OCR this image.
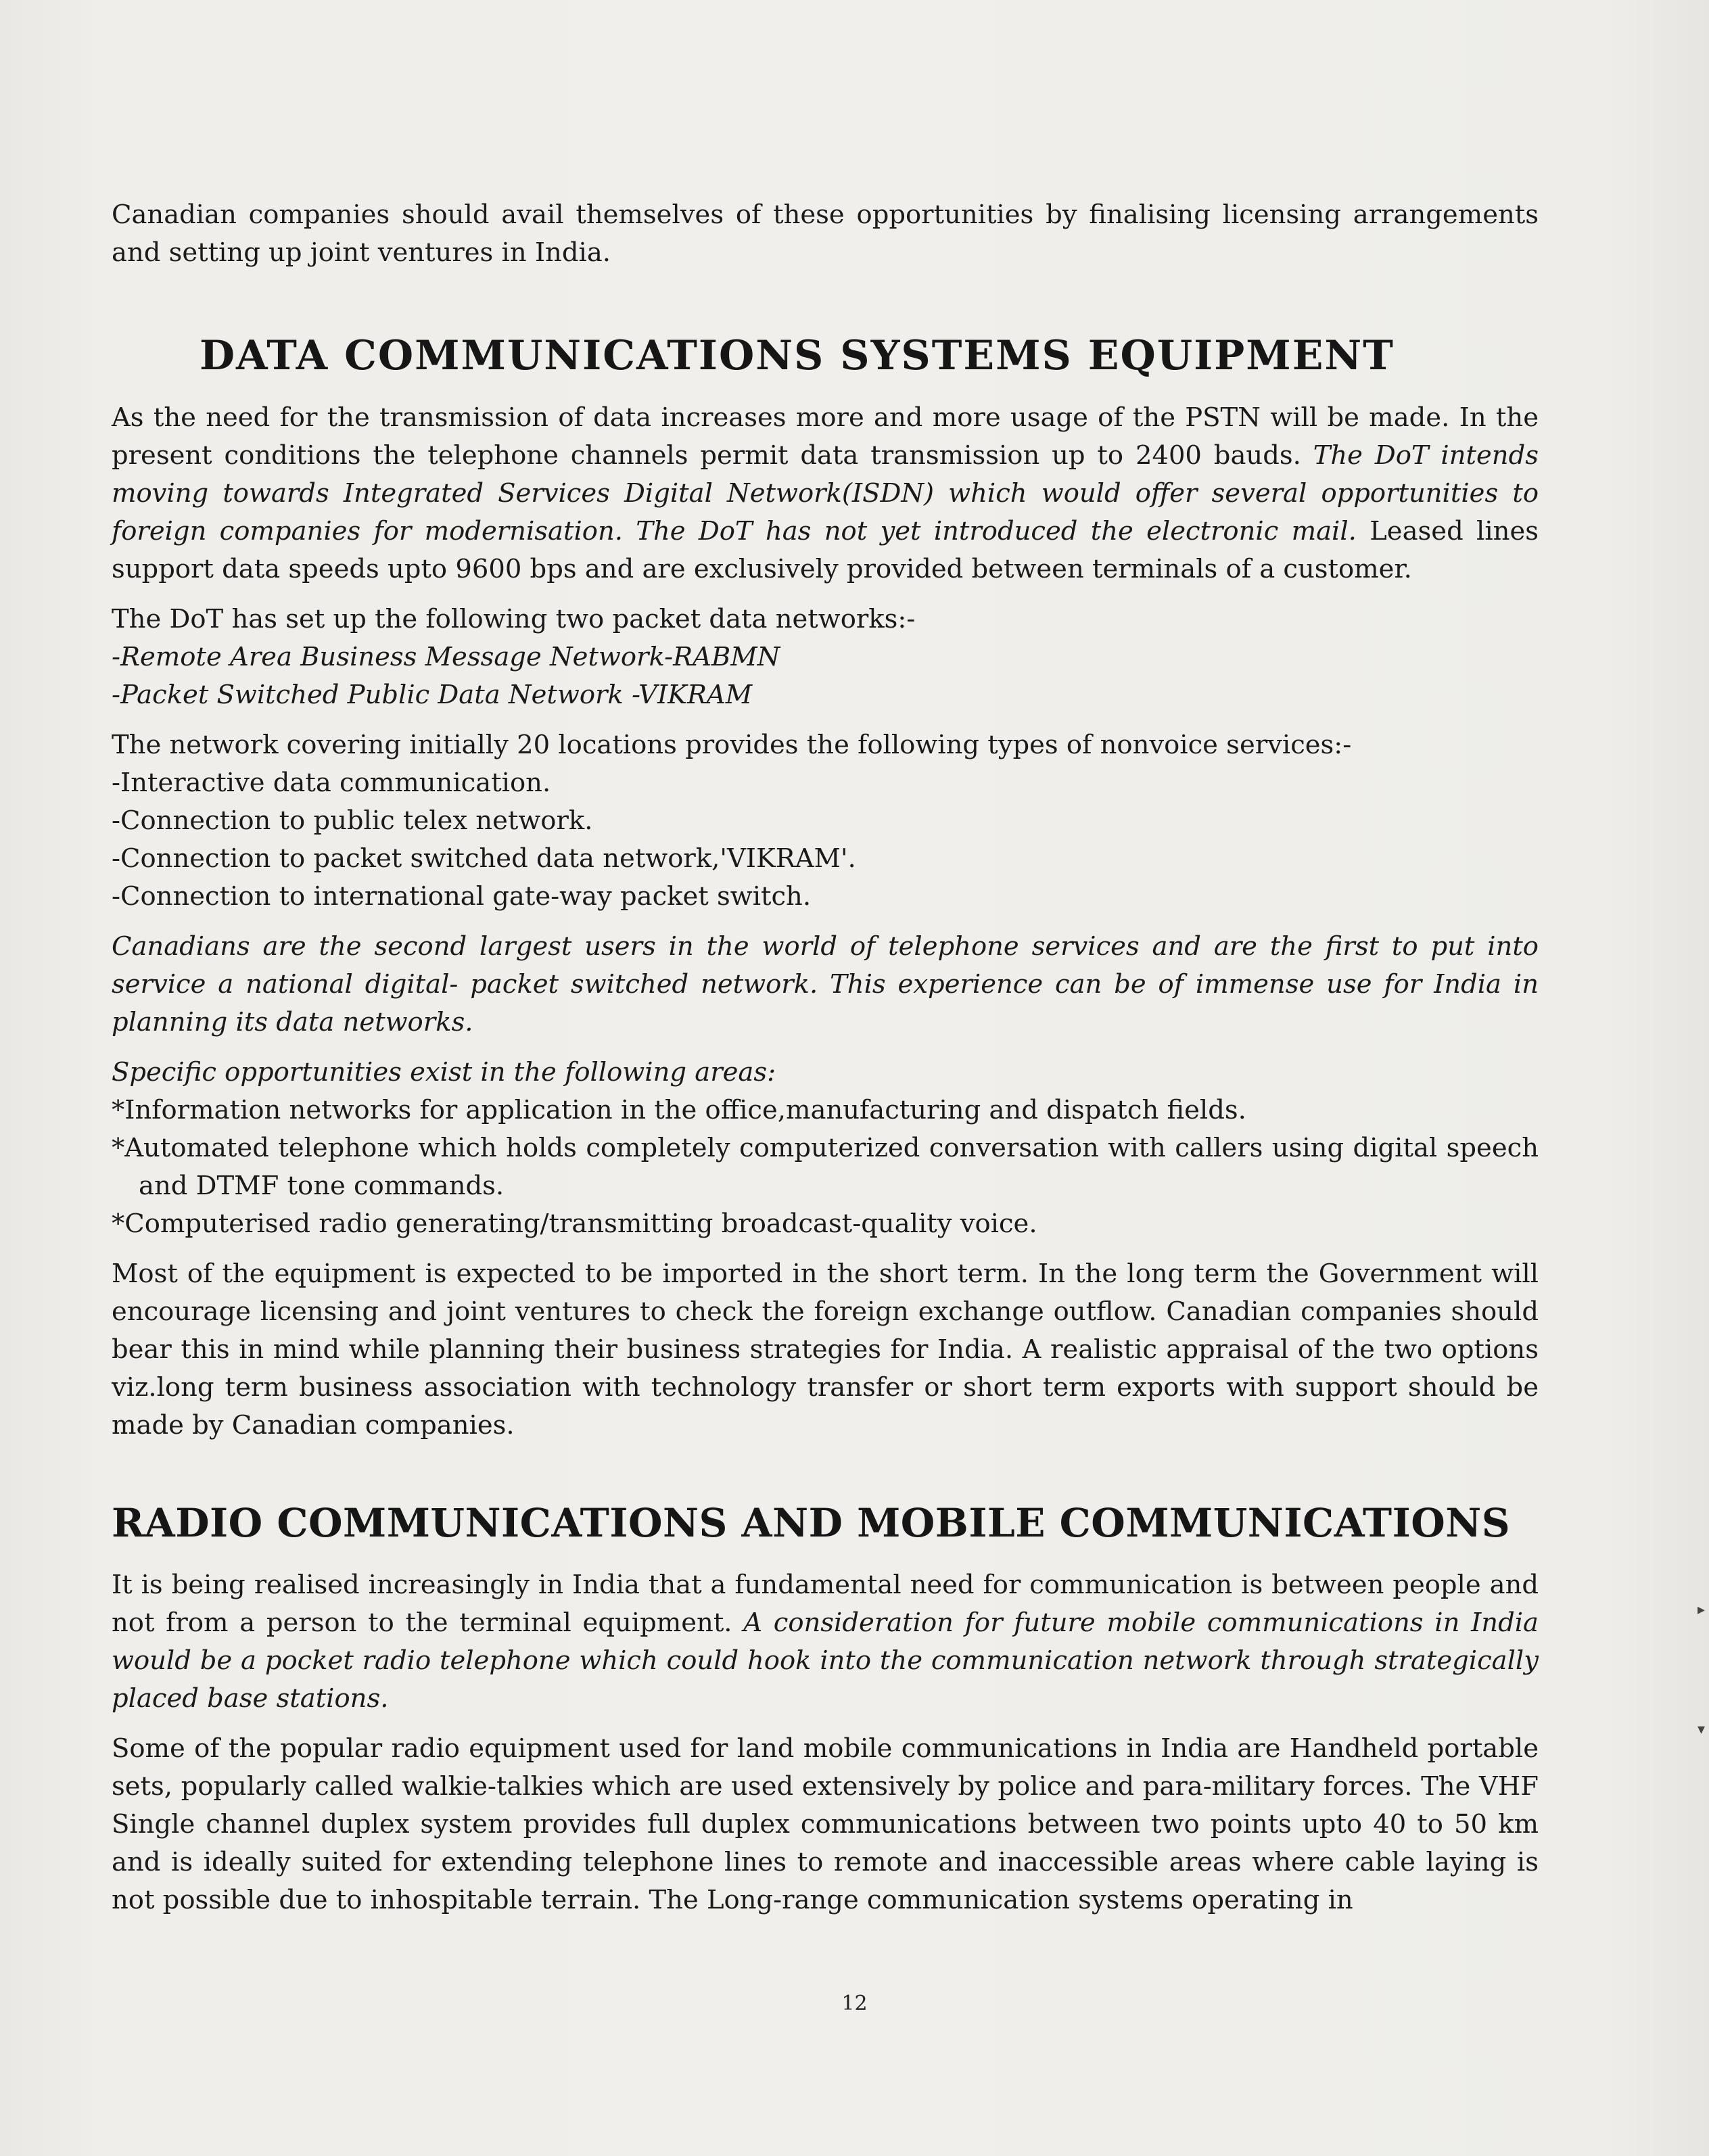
Canadian companies should avail themselves of these opportunities by finalising licensing arrangements and setting up joint ventures in India.

DATA COMMUNICATIONS SYSTEMS EQUIPMENT

As the need for the transmission of data increases more and more usage of the PSTN will be made. In the present conditions the telephone channels permit data transmission up to 2400 bauds. The DoT intends moving towards Integrated Services Digital Network(ISDN) which would offer several opportunities to foreign companies for modernisation. The DoT has not yet introduced the electronic mail. Leased lines support data speeds upto 9600 bps and are exclusively provided between terminals of a customer.

The DoT has set up the following two packet data networks:-

-Remote Area Business Message Network-RABMN
-Packet Switched Public Data Network -VIKRAM

The network covering initially 20 locations provides the following types of nonvoice services:-

-Interactive data communication.
-Connection to public telex network.
-Connection to packet switched data network,'VIKRAM'.
-Connection to international gate-way packet switch.

Canadians are the second largest users in the world of telephone services and are the first to put into service a national digital- packet switched network. This experience can be of immense use for India in planning its data networks.

Specific opportunities exist in the following areas:

*Information networks for application in the office,manufacturing and dispatch fields.

*Automated telephone which holds completely computerized conversation with callers using digital speech and DTMF tone commands.

*Computerised radio generating/transmitting broadcast-quality voice.

Most of the equipment is expected to be imported in the short term. In the long term the Government will encourage licensing and joint ventures to check the foreign exchange outflow. Canadian companies should bear this in mind while planning their business strategies for India. A realistic appraisal of the two options viz.long term business association with technology transfer or short term exports with support should be made by Canadian companies.

RADIO COMMUNICATIONS AND MOBILE COMMUNICATIONS

It is being realised increasingly in India that a fundamental need for communication is between people and not from a person to the terminal equipment. A consideration for future mobile communications in India would be a pocket radio telephone which could hook into the communication network through strategically placed base stations.

Some of the popular radio equipment used for land mobile communications in India are Handheld portable sets, popularly called walkie-talkies which are used extensively by police and para-military forces. The VHF Single channel duplex system provides full duplex communications between two points upto 40 to 50 km and is ideally suited for extending telephone lines to remote and inaccessible areas where cable laying is not possible due to inhospitable terrain. The Long-range communication systems operating in

12
▸
▾
